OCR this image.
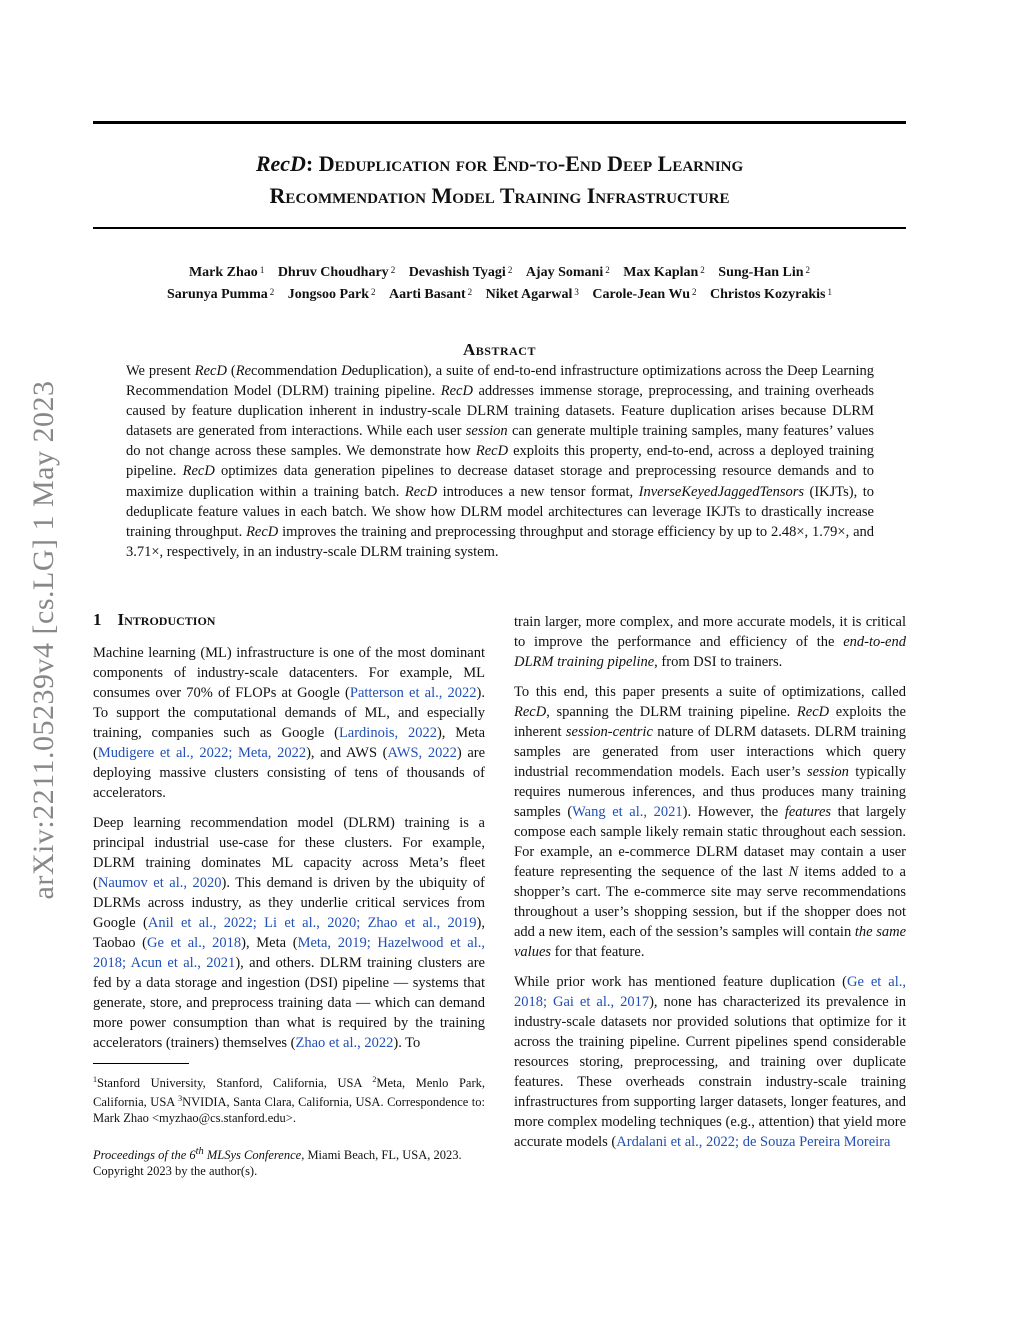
arXiv:2211.05239v4 [cs.LG] 1 May 2023
RecD: Deduplication for End-to-End Deep Learning
Recommendation Model Training Infrastructure
Mark Zhao $^1$ Dhruv Choudhary $^2$ Devashish Tyagi $^2$ Ajay Somani $^2$ Max Kaplan $^2$ Sung-Han Lin $^2$
Sarunya Pumma $^2$ Jongsoo Park $^2$ Aarti Basant $^2$ Niket Agarwal $^3$ Carole-Jean Wu $^2$ Christos Kozyrakis $^1$
Abstract
We present RecD (Recommendation Deduplication), a suite of end-to-end infrastructure optimizations across the Deep Learning Recommendation Model (DLRM) training pipeline. RecD addresses immense storage, preprocessing, and training overheads caused by feature duplication inherent in industry-scale DLRM training datasets. Feature duplication arises because DLRM datasets are generated from interactions. While each user session can generate multiple training samples, many features’ values do not change across these samples. We demonstrate how RecD exploits this property, end-to-end, across a deployed training pipeline. RecD optimizes data generation pipelines to decrease dataset storage and preprocessing resource demands and to maximize duplication within a training batch. RecD introduces a new tensor format, InverseKeyedJaggedTensors (IKJTs), to deduplicate feature values in each batch. We show how DLRM model architectures can leverage IKJTs to drastically increase training throughput. RecD improves the training and preprocessing throughput and storage efficiency by up to 2.48×, 1.79×, and 3.71×, respectively, in an industry-scale DLRM training system.
1 Introduction

Machine learning (ML) infrastructure is one of the most dominant components of industry-scale datacenters. For example, ML consumes over 70% of FLOPs at Google (Patterson et al., 2022). To support the computational demands of ML, and especially training, companies such as Google (Lardinois, 2022), Meta (Mudigere et al., 2022; Meta, 2022), and AWS (AWS, 2022) are deploying massive clusters consisting of tens of thousands of accelerators.

Deep learning recommendation model (DLRM) training is a principal industrial use-case for these clusters. For example, DLRM training dominates ML capacity across Meta’s fleet (Naumov et al., 2020). This demand is driven by the ubiquity of DLRMs across industry, as they underlie critical services from Google (Anil et al., 2022; Li et al., 2020; Zhao et al., 2019), Taobao (Ge et al., 2018), Meta (Meta, 2019; Hazelwood et al., 2018; Acun et al., 2021), and others. DLRM training clusters are fed by a data storage and ingestion (DSI) pipeline — systems that generate, store, and preprocess training data — which can demand more power consumption than what is required by the training accelerators (trainers) themselves (Zhao et al., 2022). To

$^1$Stanford University, Stanford, California, USA $^2$Meta, Menlo Park, California, USA $^3$NVIDIA, Santa Clara, California, USA. Correspondence to: Mark Zhao <myzhao@cs.stanford.edu>.

Proceedings of the 6th MLSys Conference, Miami Beach, FL, USA, 2023. Copyright 2023 by the author(s).

train larger, more complex, and more accurate models, it is critical to improve the performance and efficiency of the end-to-end DLRM training pipeline, from DSI to trainers.

To this end, this paper presents a suite of optimizations, called RecD, spanning the DLRM training pipeline. RecD exploits the inherent session-centric nature of DLRM datasets. DLRM training samples are generated from user interactions which query industrial recommendation models. Each user’s session typically requires numerous inferences, and thus produces many training samples (Wang et al., 2021). However, the features that largely compose each sample likely remain static throughout each session. For example, an e-commerce DLRM dataset may contain a user feature representing the sequence of the last N items added to a shopper’s cart. The e-commerce site may serve recommendations throughout a user’s shopping session, but if the shopper does not add a new item, each of the session’s samples will contain the same values for that feature.

While prior work has mentioned feature duplication (Ge et al., 2018; Gai et al., 2017), none has characterized its prevalence in industry-scale datasets nor provided solutions that optimize for it across the training pipeline. Current pipelines spend considerable resources storing, preprocessing, and training over duplicate features. These overheads constrain industry-scale training infrastructures from supporting larger datasets, longer features, and more complex modeling techniques (e.g., attention) that yield more accurate models (Ardalani et al., 2022; de Souza Pereira Moreira
